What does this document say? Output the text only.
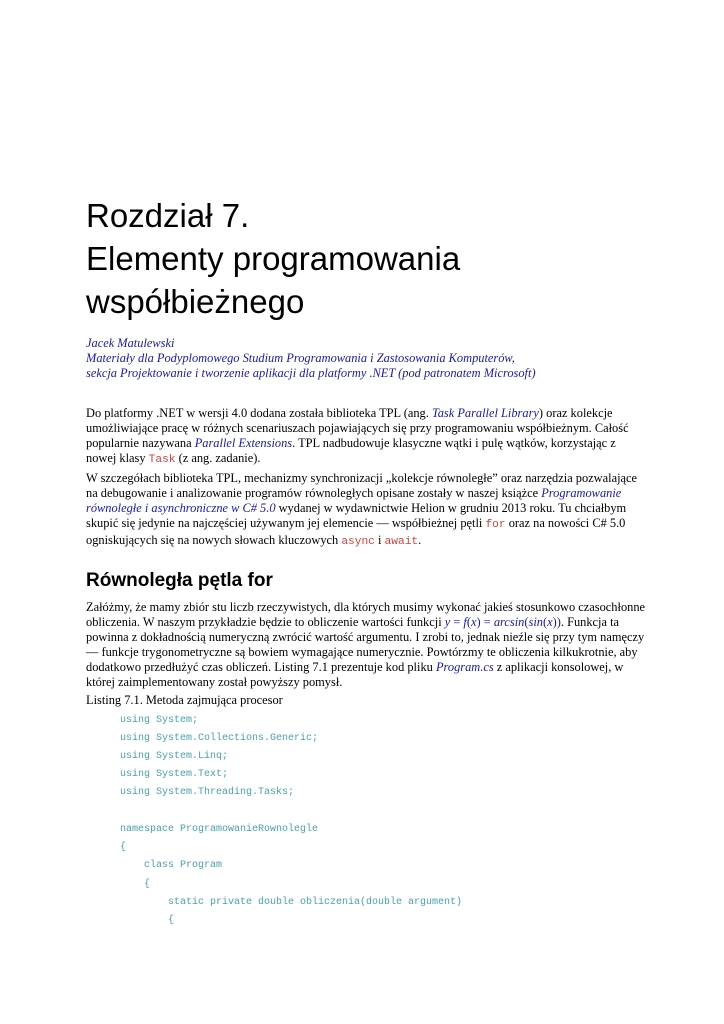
Rozdział 7.
Elementy programowania
współbieżnego
Jacek Matulewski
Materiały dla Podyplomowego Studium Programowania i Zastosowania Komputerów,
sekcja Projektowanie i tworzenie aplikacji dla platformy .NET (pod patronatem Microsoft)
Do platformy .NET w wersji 4.0 dodana została biblioteka TPL (ang. Task Parallel Library) oraz kolekcje
umożliwiające pracę w różnych scenariuszach pojawiających się przy programowaniu współbieżnym. Całość
popularnie nazywana Parallel Extensions. TPL nadbudowuje klasyczne wątki i pulę wątków, korzystając z
nowej klasy Task (z ang. zadanie).
W szczegółach biblioteka TPL, mechanizmy synchronizacji „kolekcje równoległe” oraz narzędzia pozwalające
na debugowanie i analizowanie programów równoległych opisane zostały w naszej książce Programowanie
równoległe i asynchroniczne w C# 5.0 wydanej w wydawnictwie Helion w grudniu 2013 roku. Tu chciałbym
skupić się jedynie na najczęściej używanym jej elemencie — współbieżnej pętli for oraz na nowości C# 5.0
ogniskujących się na nowych słowach kluczowych async i await.
Równoległa pętla for
Załóżmy, że mamy zbiór stu liczb rzeczywistych, dla których musimy wykonać jakieś stosunkowo czasochłonne
obliczenia. W naszym przykładzie będzie to obliczenie wartości funkcji y = f(x) = arcsin(sin(x)). Funkcja ta
powinna z dokładnością numeryczną zwrócić wartość argumentu. I zrobi to, jednak nieźle się przy tym namęczy
— funkcje trygonometryczne są bowiem wymagające numerycznie. Powtórzmy te obliczenia kilkukrotnie, aby
dodatkowo przedłużyć czas obliczeń. Listing 7.1 prezentuje kod pliku Program.cs z aplikacji konsolowej, w
której zaimplementowany został powyższy pomysł.
Listing 7.1. Metoda zajmująca procesor
using System;
using System.Collections.Generic;
using System.Linq;
using System.Text;
using System.Threading.Tasks;
namespace ProgramowanieRownolegle
{
class Program
{
static private double obliczenia(double argument)
{
